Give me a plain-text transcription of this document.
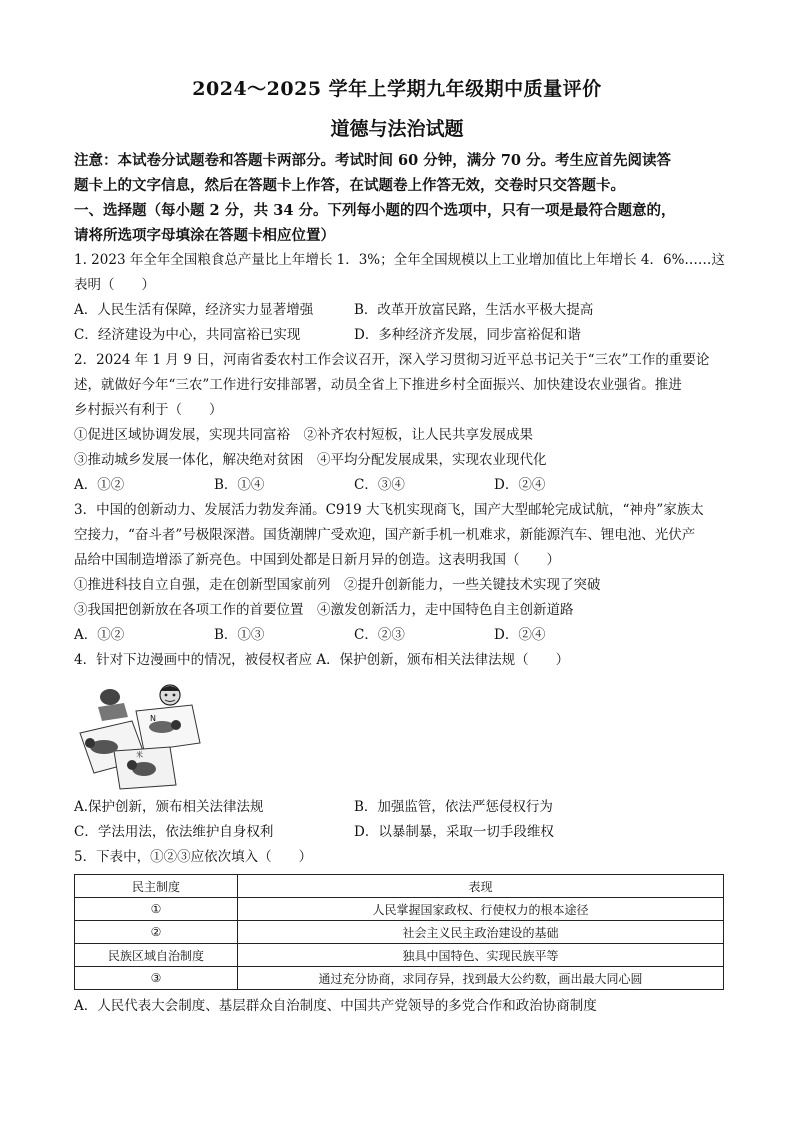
2024～2025 学年上学期九年级期中质量评价
道德与法治试题
注意：本试卷分试题卷和答题卡两部分。考试时间 60 分钟，满分 70 分。考生应首先阅读答
题卡上的文字信息，然后在答题卡上作答，在试题卷上作答无效，交卷时只交答题卡。
一、选择题（每小题 2 分，共 34 分。下列每小题的四个选项中，只有一项是最符合题意的，
请将所选项字母填涂在答题卡相应位置）
1. 2023 年全年全国粮食总产量比上年增长 1．3%；全年全国规模以上工业增加值比上年增长 4．6%……这
表明（　　）
A．人民生活有保障，经济实力显著增强	B．改革开放富民路，生活水平极大提高
C．经济建设为中心，共同富裕已实现	D．多种经济齐发展，同步富裕促和谐
2．2024 年 1 月 9 日，河南省委农村工作会议召开，深入学习贯彻习近平总书记关于“三农”工作的重要论
述，就做好今年“三农”工作进行安排部署，动员全省上下推进乡村全面振兴、加快建设农业强省。推进
乡村振兴有利于（　　）
①促进区域协调发展，实现共同富裕　②补齐农村短板，让人民共享发展成果
③推动城乡发展一体化，解决绝对贫困　④平均分配发展成果，实现农业现代化
A．①②	B．①④	C．③④	D．②④
3．中国的创新动力、发展活力勃发奔涌。C919 大飞机实现商飞，国产大型邮轮完成试航，“神舟”家族太
空接力，“奋斗者”号极限深潜。国货潮牌广受欢迎，国产新手机一机难求，新能源汽车、锂电池、光伏产
品给中国制造增添了新亮色。中国到处都是日新月异的创造。这表明我国（　　）
①推进科技自立自强，走在创新型国家前列　②提升创新能力，一些关键技术实现了突破
③我国把创新放在各项工作的首要位置　④激发创新活力，走中国特色自主创新道路
A．①②	B．①③	C．②③	D．②④
4．针对下边漫画中的情况，被侵权者应 A．保护创新，颁布相关法律法规（　　）
N
米
A.保护创新，颁布相关法律法规	B．加强监管，依法严惩侵权行为
C．学法用法，依法维护自身权利	D．以暴制暴，采取一切手段维权
5．下表中，①②③应依次填入（　　）
民主制度	表现
①	人民掌握国家政权、行使权力的根本途径
②	社会主义民主政治建设的基础
民族区域自治制度	独具中国特色、实现民族平等
③	通过充分协商，求同存异，找到最大公约数，画出最大同心圆
A．人民代表大会制度、基层群众自治制度、中国共产党领导的多党合作和政治协商制度
